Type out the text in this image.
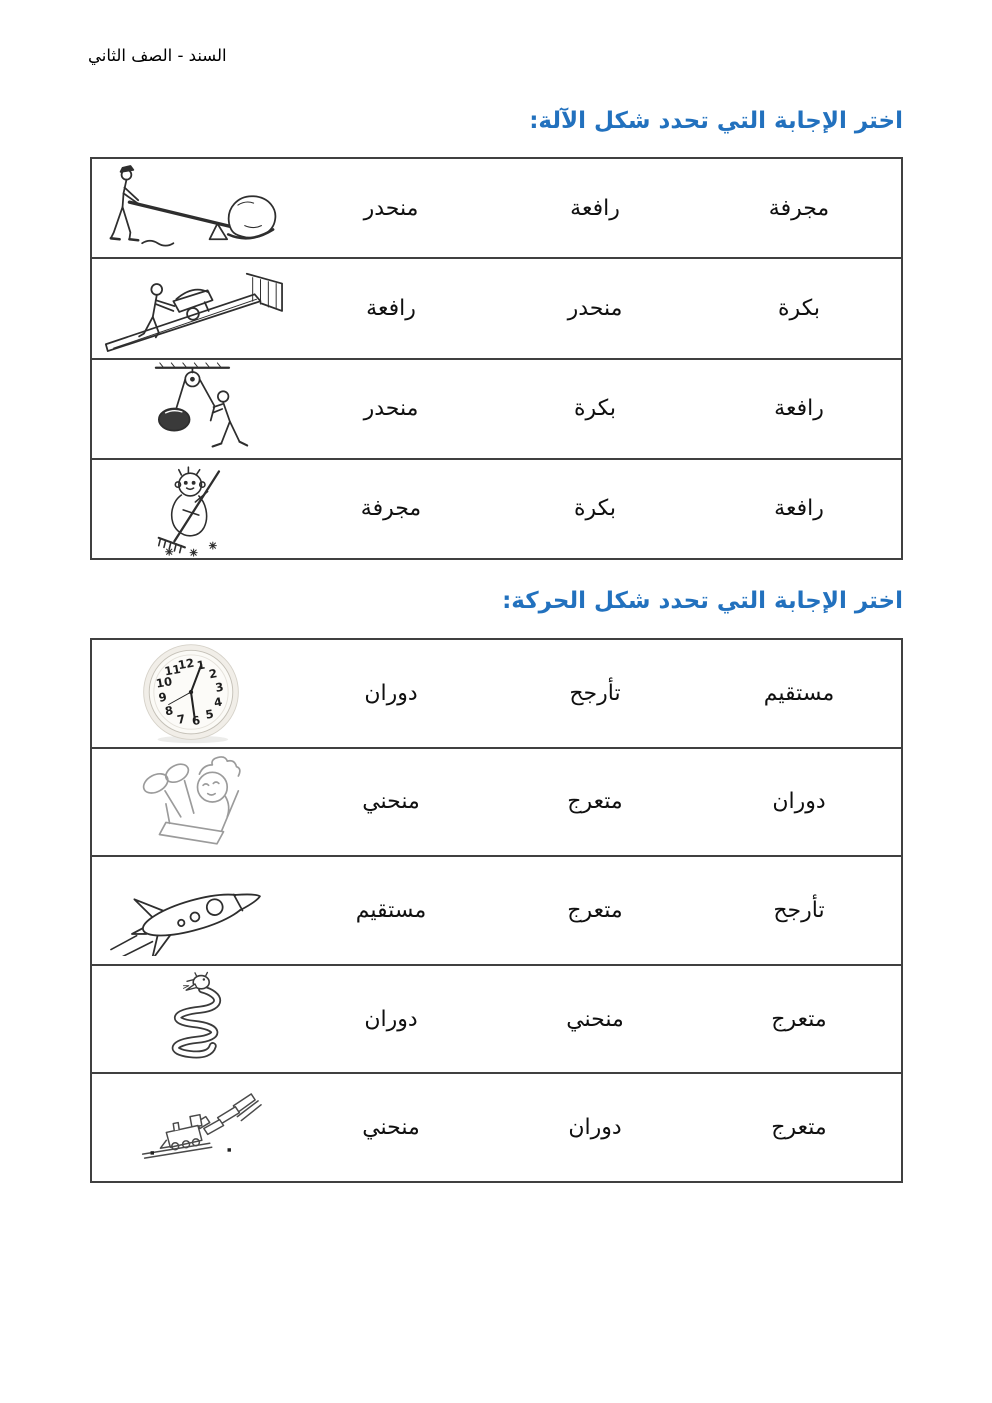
السند - الصف الثاني
اختر الإجابة التي تحدد شكل الآلة:
مجرفة
رافعة
منحدر
بكرة
منحدر
رافعة
رافعة
بكرة
منحدر
رافعة
بكرة
مجرفة
اختر الإجابة التي تحدد شكل الحركة:
مستقيم
تأرجح
دوران
12 1
2
3
4
5
6
7
8
9
10
11
دوران
متعرج
منحني
تأرجح
متعرج
مستقيم
متعرج
منحني
دوران
متعرج
دوران
منحني
